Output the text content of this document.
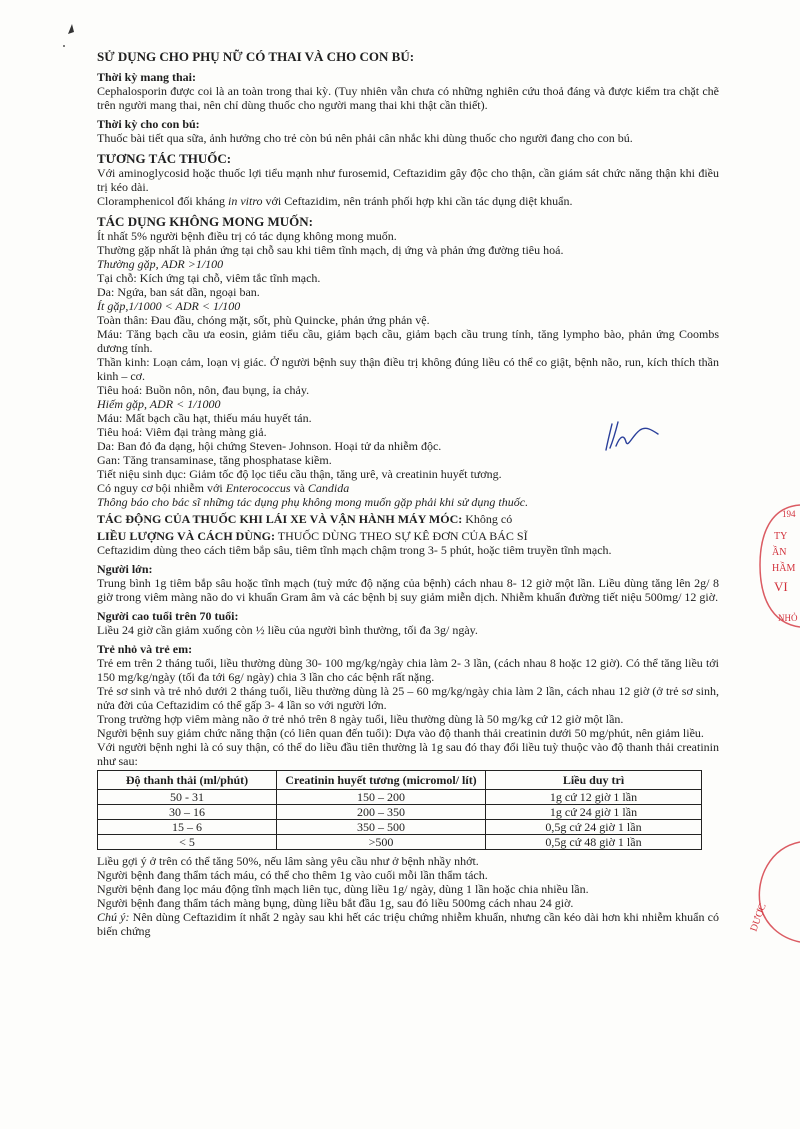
SỬ DỤNG CHO PHỤ NỮ CÓ THAI VÀ CHO CON BÚ:
Thời kỳ mang thai:

Cephalosporin được coi là an toàn trong thai kỳ. (Tuy nhiên vẫn chưa có những nghiên cứu thoả đáng và được kiểm tra chặt chẽ trên người mang thai, nên chỉ dùng thuốc cho người mang thai khi thật cần thiết).

Thời kỳ cho con bú:

Thuốc bài tiết qua sữa, ảnh hưởng cho trẻ còn bú nên phải cân nhắc khi dùng thuốc cho người đang cho con bú.

TƯƠNG TÁC THUỐC:

Với aminoglycosid hoặc thuốc lợi tiểu mạnh như furosemid, Ceftazidim gây độc cho thận, cần giám sát chức năng thận khi điều trị kéo dài.

Cloramphenicol đối kháng in vitro với Ceftazidim, nên tránh phối hợp khi cần tác dụng diệt khuẩn.

TÁC DỤNG KHÔNG MONG MUỐN:

Ít nhất 5% người bệnh điều trị có tác dụng không mong muốn.

Thường gặp nhất là phản ứng tại chỗ sau khi tiêm tĩnh mạch, dị ứng và phản ứng đường tiêu hoá.

Thường gặp, ADR >1/100

Tại chỗ: Kích ứng tại chỗ, viêm tắc tĩnh mạch.

Da: Ngứa, ban sát dần, ngoại ban.

Ít gặp,1/1000 < ADR < 1/100

Toàn thân: Đau đầu, chóng mặt, sốt, phù Quincke, phản ứng phản vệ.

Máu: Tăng bạch cầu ưa eosin, giảm tiểu cầu, giảm bạch cầu, giảm bạch cầu trung tính, tăng lympho bào, phản ứng Coombs dương tính.

Thần kinh: Loạn cảm, loạn vị giác. Ở người bệnh suy thận điều trị không đúng liều có thể co giật, bệnh não, run, kích thích thần kinh – cơ.

Tiêu hoá: Buồn nôn, nôn, đau bụng, ỉa chảy.

Hiếm gặp, ADR < 1/1000

Máu: Mất bạch cầu hạt, thiếu máu huyết tán.

Tiêu hoá: Viêm đại tràng màng giả.

Da: Ban đỏ đa dạng, hội chứng Steven- Johnson. Hoại tử da nhiễm độc.

Gan: Tăng transaminase, tăng phosphatase kiềm.

Tiết niệu sinh dục: Giảm tốc độ lọc tiểu cầu thận, tăng urê, và creatinin huyết tương.

Có nguy cơ bội nhiễm với Enterococcus và Candida

Thông báo cho bác sĩ những tác dụng phụ không mong muốn gặp phải khi sử dụng thuốc.

TÁC ĐỘNG CỦA THUỐC KHI LÁI XE VÀ VẬN HÀNH MÁY MÓC: Không có

LIỀU LƯỢNG VÀ CÁCH DÙNG: THUỐC DÙNG THEO SỰ KÊ ĐƠN CỦA BÁC SĨ

Ceftazidim dùng theo cách tiêm bắp sâu, tiêm tĩnh mạch chậm trong 3- 5 phút, hoặc tiêm truyền tĩnh mạch.

Người lớn:

Trung bình 1g tiêm bắp sâu hoặc tĩnh mạch (tuỳ mức độ nặng của bệnh) cách nhau 8- 12 giờ một lần. Liều dùng tăng lên 2g/ 8 giờ trong viêm màng não do vi khuẩn Gram âm và các bệnh bị suy giảm miễn dịch. Nhiễm khuẩn đường tiết niệu 500mg/ 12 giờ.

Người cao tuổi trên 70 tuổi:

Liều 24 giờ cần giảm xuống còn ½ liều của người bình thường, tối đa 3g/ ngày.

Trẻ nhỏ và trẻ em:

Trẻ em trên 2 tháng tuổi, liều thường dùng 30- 100 mg/kg/ngày chia làm 2- 3 lần, (cách nhau 8 hoặc 12 giờ). Có thể tăng liều tới 150 mg/kg/ngày (tối đa tới 6g/ ngày) chia 3 lần cho các bệnh rất nặng.

Trẻ sơ sinh và trẻ nhỏ dưới 2 tháng tuổi, liều thường dùng là 25 – 60 mg/kg/ngày chia làm 2 lần, cách nhau 12 giờ (ở trẻ sơ sinh, nửa đời của Ceftazidim có thể gấp 3- 4 lần so với người lớn.

Trong trường hợp viêm màng não ở trẻ nhỏ trên 8 ngày tuổi, liều thường dùng là 50 mg/kg cứ 12 giờ một lần.

Người bệnh suy giảm chức năng thận (có liên quan đến tuổi): Dựa vào độ thanh thải creatinin dưới 50 mg/phút, nên giảm liều.

Với người bệnh nghi là có suy thận, có thể do liều đầu tiên thường là 1g sau đó thay đổi liều tuỳ thuộc vào độ thanh thải creatinin như sau:

Độ thanh thải (ml/phút)	Creatinin huyết tương (micromol/ lít)	Liều duy trì
50 - 31	150 – 200	1g cứ 12 giờ 1 lần
30 – 16	200 – 350	1g cứ 24 giờ 1 lần
15 – 6	350 – 500	0,5g cứ 24 giờ 1 lần
< 5	>500	0,5g cứ 48 giờ 1 lần

Liều gợi ý ở trên có thể tăng 50%, nếu lâm sàng yêu cầu như ở bệnh nhầy nhớt.

Người bệnh đang thẩm tách máu, có thể cho thêm 1g vào cuối mỗi lần thẩm tách.

Người bệnh đang lọc máu động tĩnh mạch liên tục, dùng liều 1g/ ngày, dùng 1 lần hoặc chia nhiều lần.

Người bệnh đang thẩm tách màng bụng, dùng liều bắt đầu 1g, sau đó liều 500mg cách nhau 24 giờ.

Chú ý: Nên dùng Ceftazidim ít nhất 2 ngày sau khi hết các triệu chứng nhiễm khuẩn, nhưng cần kéo dài hơn khi nhiễm khuẩn có biến chứng

194
TY
ẦN
HẦM
VI
NHỎ
DƯỢC
